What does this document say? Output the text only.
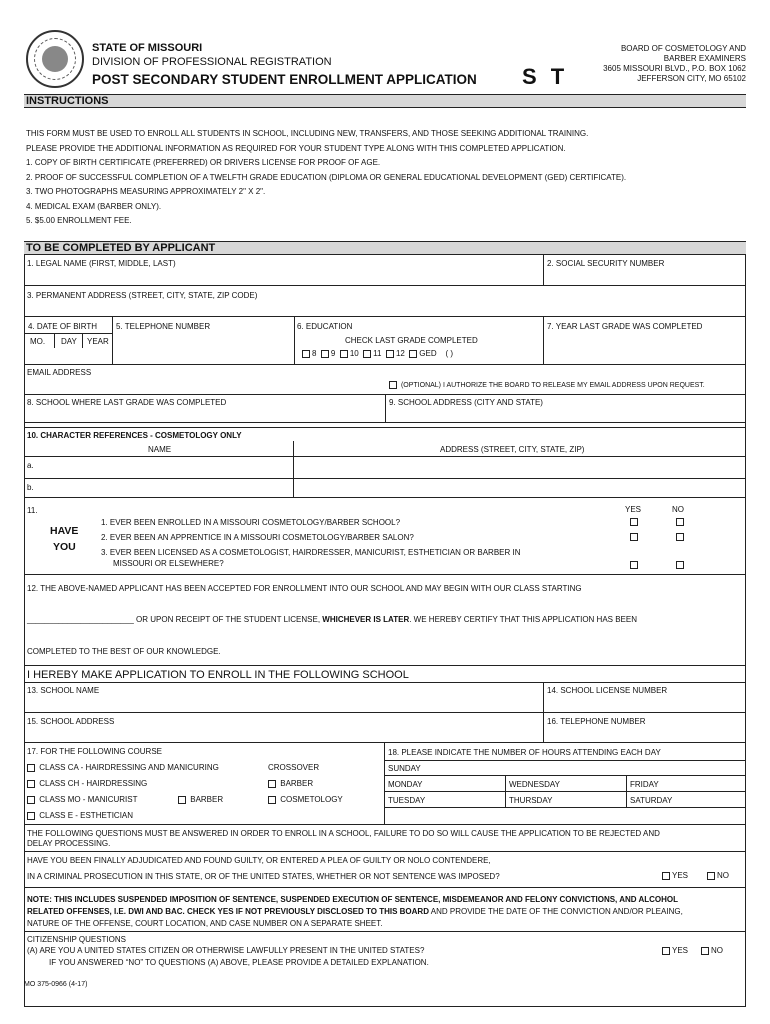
STATE OF MISSOURI
DIVISION OF PROFESSIONAL REGISTRATION
POST SECONDARY STUDENT ENROLLMENT APPLICATION S T
BOARD OF COSMETOLOGY AND
BARBER EXAMINERS
3605 MISSOURI BLVD., P.O. BOX 1062
JEFFERSON CITY, MO 65102
INSTRUCTIONS
THIS FORM MUST BE USED TO ENROLL ALL STUDENTS IN SCHOOL, INCLUDING NEW, TRANSFERS, AND THOSE SEEKING ADDITIONAL TRAINING.
PLEASE PROVIDE THE ADDITIONAL INFORMATION AS REQUIRED FOR YOUR STUDENT TYPE ALONG WITH THIS COMPLETED APPLICATION.
1. COPY OF BIRTH CERTIFICATE (PREFERRED) OR DRIVERS LICENSE FOR PROOF OF AGE.
2. PROOF OF SUCCESSFUL COMPLETION OF A TWELFTH GRADE EDUCATION (DIPLOMA OR GENERAL EDUCATIONAL DEVELOPMENT (GED) CERTIFICATE).
3. TWO PHOTOGRAPHS MEASURING APPROXIMATELY 2" X 2".
4. MEDICAL EXAM (BARBER ONLY).
5. $5.00 ENROLLMENT FEE.
TO BE COMPLETED BY APPLICANT
1. LEGAL NAME (FIRST, MIDDLE, LAST)	2. SOCIAL SECURITY NUMBER
3. PERMANENT ADDRESS (STREET, CITY, STATE, ZIP CODE)
4. DATE OF BIRTH
MO. DAY YEAR
5. TELEPHONE NUMBER	6. EDUCATION
CHECK LAST GRADE COMPLETED
8 9 10 11 12 GED ( )
7. YEAR LAST GRADE WAS COMPLETED
EMAIL ADDRESS
(OPTIONAL) I AUTHORIZE THE BOARD TO RELEASE MY EMAIL ADDRESS UPON REQUEST.
8. SCHOOL WHERE LAST GRADE WAS COMPLETED	9. SCHOOL ADDRESS (CITY AND STATE)
10. CHARACTER REFERENCES - COSMETOLOGY ONLY
NAME	ADDRESS (STREET, CITY, STATE, ZIP)
a.
b.
11.
HAVE
YOU
YES	NO
1. EVER BEEN ENROLLED IN A MISSOURI COSMETOLOGY/BARBER SCHOOL?
2. EVER BEEN AN APPRENTICE IN A MISSOURI COSMETOLOGY/BARBER SALON?
3. EVER BEEN LICENSED AS A COSMETOLOGIST, HAIRDRESSER, MANICURIST, ESTHETICIAN OR BARBER IN
MISSOURI OR ELSEWHERE?
12. THE ABOVE-NAMED APPLICANT HAS BEEN ACCEPTED FOR ENROLLMENT INTO OUR SCHOOL AND MAY BEGIN WITH OUR CLASS STARTING
________________________ OR UPON RECEIPT OF THE STUDENT LICENSE, WHICHEVER IS LATER. WE HEREBY CERTIFY THAT THIS APPLICATION HAS BEEN
COMPLETED TO THE BEST OF OUR KNOWLEDGE.
I HEREBY MAKE APPLICATION TO ENROLL IN THE FOLLOWING SCHOOL
13. SCHOOL NAME	14. SCHOOL LICENSE NUMBER
15. SCHOOL ADDRESS	16. TELEPHONE NUMBER
17. FOR THE FOLLOWING COURSE
CLASS CA - HAIRDRESSING AND MANICURING
CLASS CH - HAIRDRESSING
CLASS MO - MANICURIST	BARBER
CLASS E - ESTHETICIAN
CROSSOVER
BARBER
COSMETOLOGY
18. PLEASE INDICATE THE NUMBER OF HOURS ATTENDING EACH DAY
SUNDAY
MONDAY	WEDNESDAY	FRIDAY
TUESDAY	THURSDAY	SATURDAY
THE FOLLOWING QUESTIONS MUST BE ANSWERED IN ORDER TO ENROLL IN A SCHOOL, FAILURE TO DO SO WILL CAUSE THE APPLICATION TO BE REJECTED AND
DELAY PROCESSING.
HAVE YOU BEEN FINALLY ADJUDICATED AND FOUND GUILTY, OR ENTERED A PLEA OF GUILTY OR NOLO CONTENDERE,
IN A CRIMINAL PROSECUTION IN THIS STATE, OR OF THE UNITED STATES, WHETHER OR NOT SENTENCE WAS IMPOSED?	YES	NO
NOTE: THIS INCLUDES SUSPENDED IMPOSITION OF SENTENCE, SUSPENDED EXECUTION OF SENTENCE, MISDEMEANOR AND FELONY CONVICTIONS, AND ALCOHOL
RELATED OFFENSES, I.E. DWI AND BAC. CHECK YES IF NOT PREVIOUSLY DISCLOSED TO THIS BOARD AND PROVIDE THE DATE OF THE CONVICTION AND/OR PLEAING,
NATURE OF THE OFFENSE, COURT LOCATION, AND CASE NUMBER ON A SEPARATE SHEET.
CITIZENSHIP QUESTIONS
(A) ARE YOU A UNITED STATES CITIZEN OR OTHERWISE LAWFULLY PRESENT IN THE UNITED STATES?
IF YOU ANSWERED “NO” TO QUESTIONS (A) ABOVE, PLEASE PROVIDE A DETAILED EXPLANATION.
YES	NO
MO 375-0966 (4-17)
